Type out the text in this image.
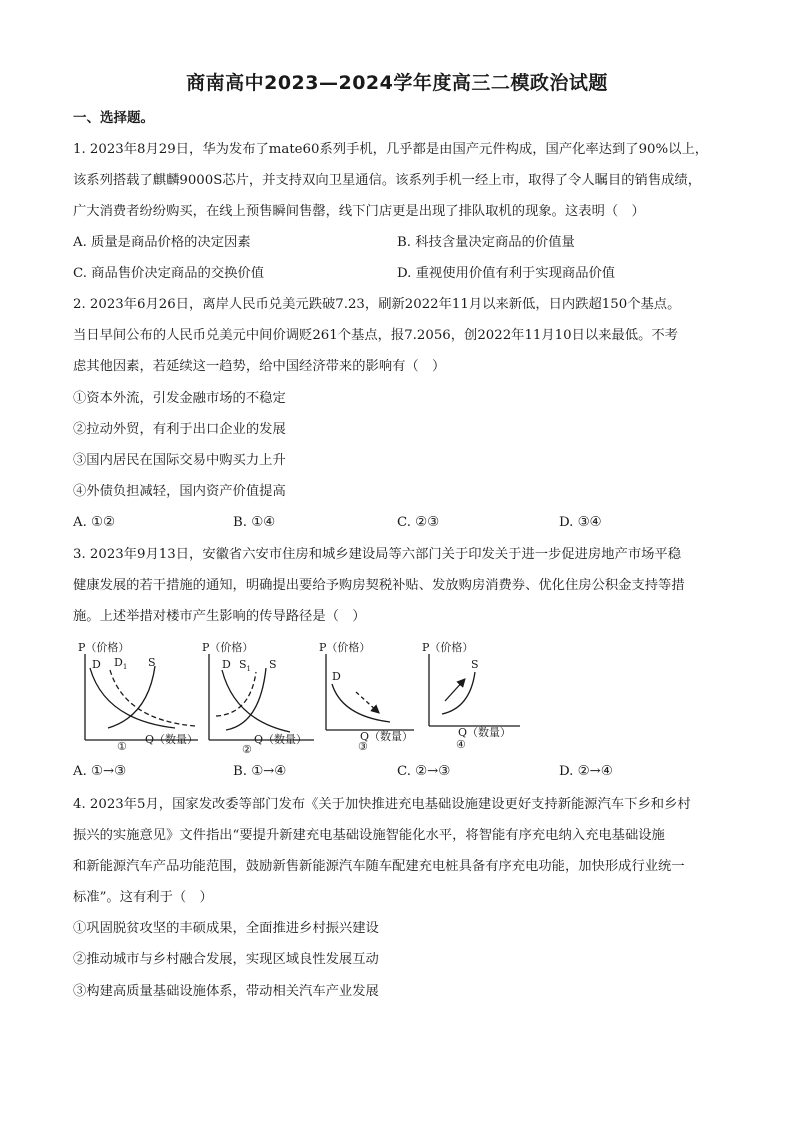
商南高中2023—2024学年度高三二模政治试题
一、选择题。
1. 2023年8月29日，华为发布了mate60系列手机，几乎都是由国产元件构成，国产化率达到了90%以上，
该系列搭载了麒麟9000S芯片，并支持双向卫星通信。该系列手机一经上市，取得了令人瞩目的销售成绩，
广大消费者纷纷购买，在线上预售瞬间售罄，线下门店更是出现了排队取机的现象。这表明（　）
A. 质量是商品价格的决定因素	B. 科技含量决定商品的价值量
C. 商品售价决定商品的交换价值	D. 重视使用价值有利于实现商品价值
2. 2023年6月26日，离岸人民币兑美元跌破7.23，刷新2022年11月以来新低，日内跌超150个基点。
当日早间公布的人民币兑美元中间价调贬261个基点，报7.2056，创2022年11月10日以来最低。不考
虑其他因素，若延续这一趋势，给中国经济带来的影响有（　）
①资本外流，引发金融市场的不稳定
②拉动外贸，有利于出口企业的发展
③国内居民在国际交易中购买力上升
④外债负担减轻，国内资产价值提高
A. ①②	B. ①④	C. ②③	D. ③④
3. 2023年9月13日，安徽省六安市住房和城乡建设局等六部门关于印发关于进一步促进房地产市场平稳
健康发展的若干措施的通知，明确提出要给予购房契税补贴、发放购房消费券、优化住房公积金支持等措
施。上述举措对楼市产生影响的传导路径是（　）
P（价格）
D $D_1$ S
Q（数量）
①
P（价格）
D $S_1$ S
Q（数量）
②
P（价格）
D
Q（数量）
③
P（价格）
S
Q（数量）
④
A. ①→③	B. ①→④	C. ②→③	D. ②→④
4. 2023年5月，国家发改委等部门发布《关于加快推进充电基础设施建设更好支持新能源汽车下乡和乡村
振兴的实施意见》文件指出“要提升新建充电基础设施智能化水平，将智能有序充电纳入充电基础设施
和新能源汽车产品功能范围，鼓励新售新能源汽车随车配建充电桩具备有序充电功能，加快形成行业统一
标准”。这有利于（　）
①巩固脱贫攻坚的丰硕成果，全面推进乡村振兴建设
②推动城市与乡村融合发展，实现区域良性发展互动
③构建高质量基础设施体系，带动相关汽车产业发展
